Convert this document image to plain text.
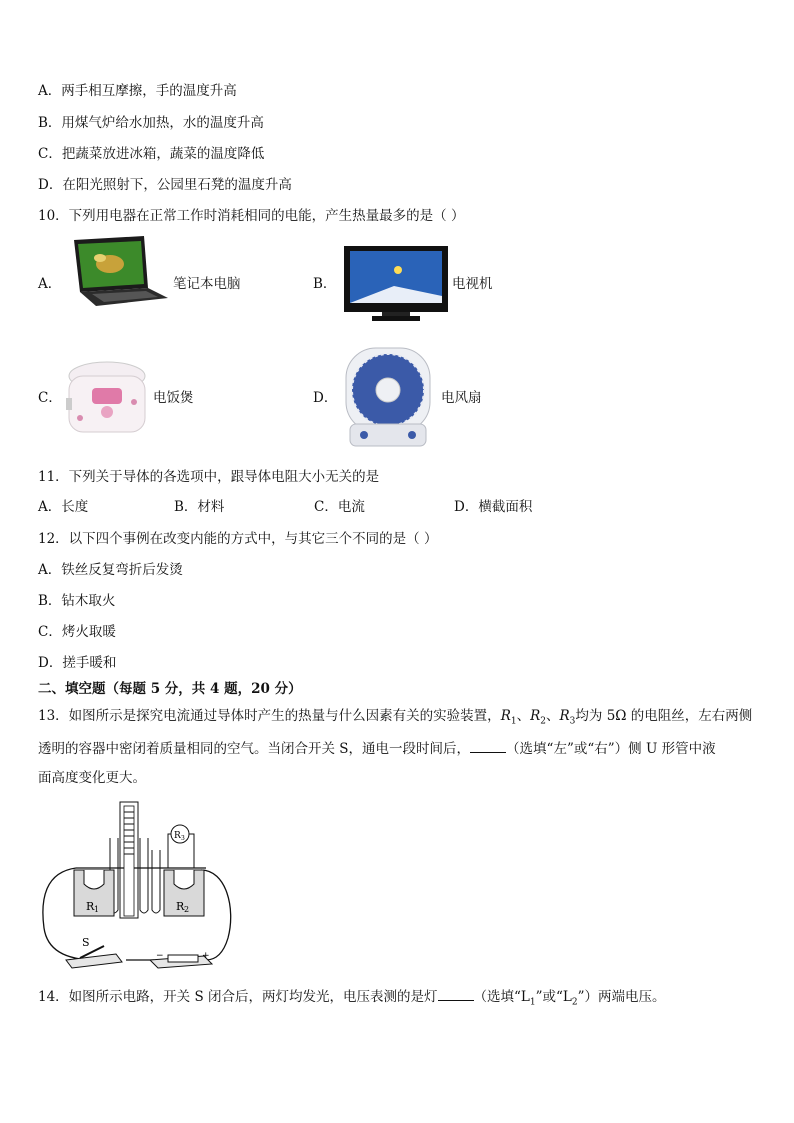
A．两手相互摩擦，手的温度升高
B．用煤气炉给水加热，水的温度升高
C．把蔬菜放进冰箱，蔬菜的温度降低
D．在阳光照射下，公园里石凳的温度升高
10．下列用电器在正常工作时消耗相同的电能，产生热量最多的是（ ）
A．	笔记本电脑	B．	电视机
C．	电饭煲	D．	电风扇
11．下列关于导体的各选项中，跟导体电阻大小无关的是
A．长度	B．材料	C．电流	D．横截面积
12．以下四个事例在改变内能的方式中，与其它三个不同的是（ ）
A．铁丝反复弯折后发烫
B．钻木取火
C．烤火取暖
D．搓手暖和
二、填空题（每题 5 分，共 4 题，20 分）
13．如图所示是探究电流通过导体时产生的热量与什么因素有关的实验装置，$R_1$、$R_2$、$R_3$均为 5Ω 的电阻丝，左右两侧
透明的容器中密闭着质量相同的空气。当闭合开关 S，通电一段时间后，	（选填“左”或“右”）侧 U 形管中液
面高度变化更大。
R 1	R 2
R 3
S
−	+
14．如图所示电路，开关 S 闭合后，两灯均发光，电压表测的是灯	（选填“$L_1$”或“$L_2$”）两端电压。
